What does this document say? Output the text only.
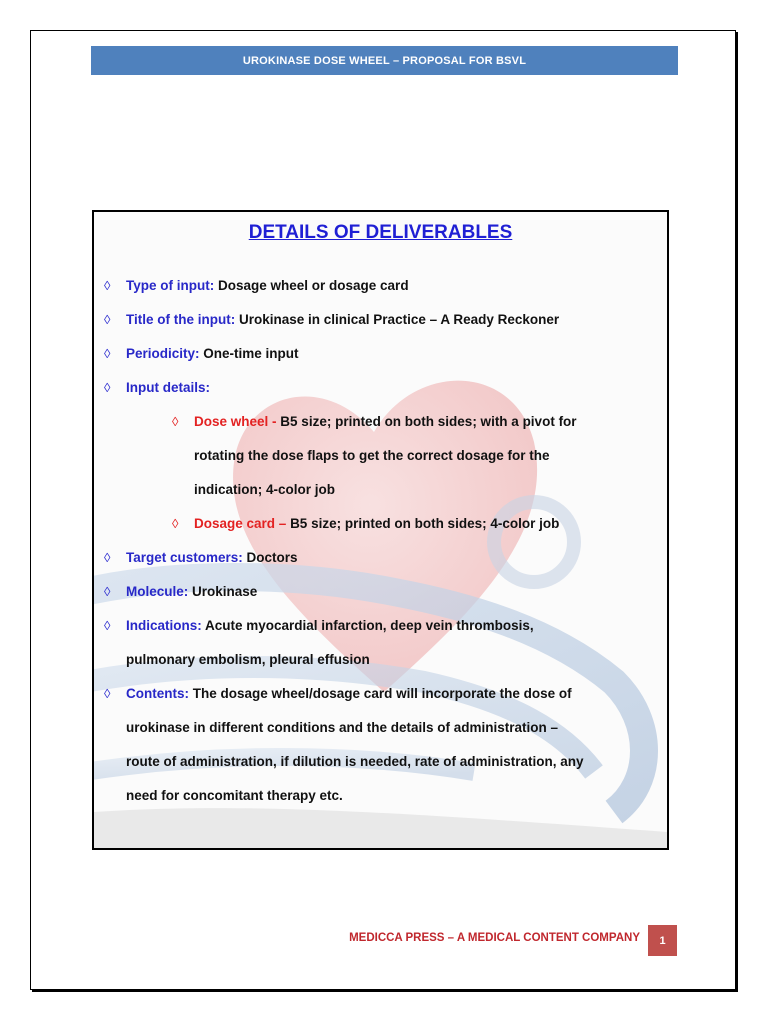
UROKINASE DOSE WHEEL – PROPOSAL FOR BSVL
DETAILS OF DELIVERABLES
◊ Type of input: Dosage wheel or dosage card
◊ Title of the input: Urokinase in clinical Practice – A Ready Reckoner
◊ Periodicity: One-time input
◊ Input details:
◊ Dose wheel - B5 size; printed on both sides; with a pivot for
rotating the dose flaps to get the correct dosage for the
indication; 4-color job
◊ Dosage card – B5 size; printed on both sides; 4-color job
◊ Target customers: Doctors
◊ Molecule: Urokinase
◊ Indications: Acute myocardial infarction, deep vein thrombosis,
pulmonary embolism, pleural effusion
◊ Contents: The dosage wheel/dosage card will incorporate the dose of
urokinase in different conditions and the details of administration –
route of administration, if dilution is needed, rate of administration, any
need for concomitant therapy etc.
MEDICCA PRESS – A MEDICAL CONTENT COMPANY	1
